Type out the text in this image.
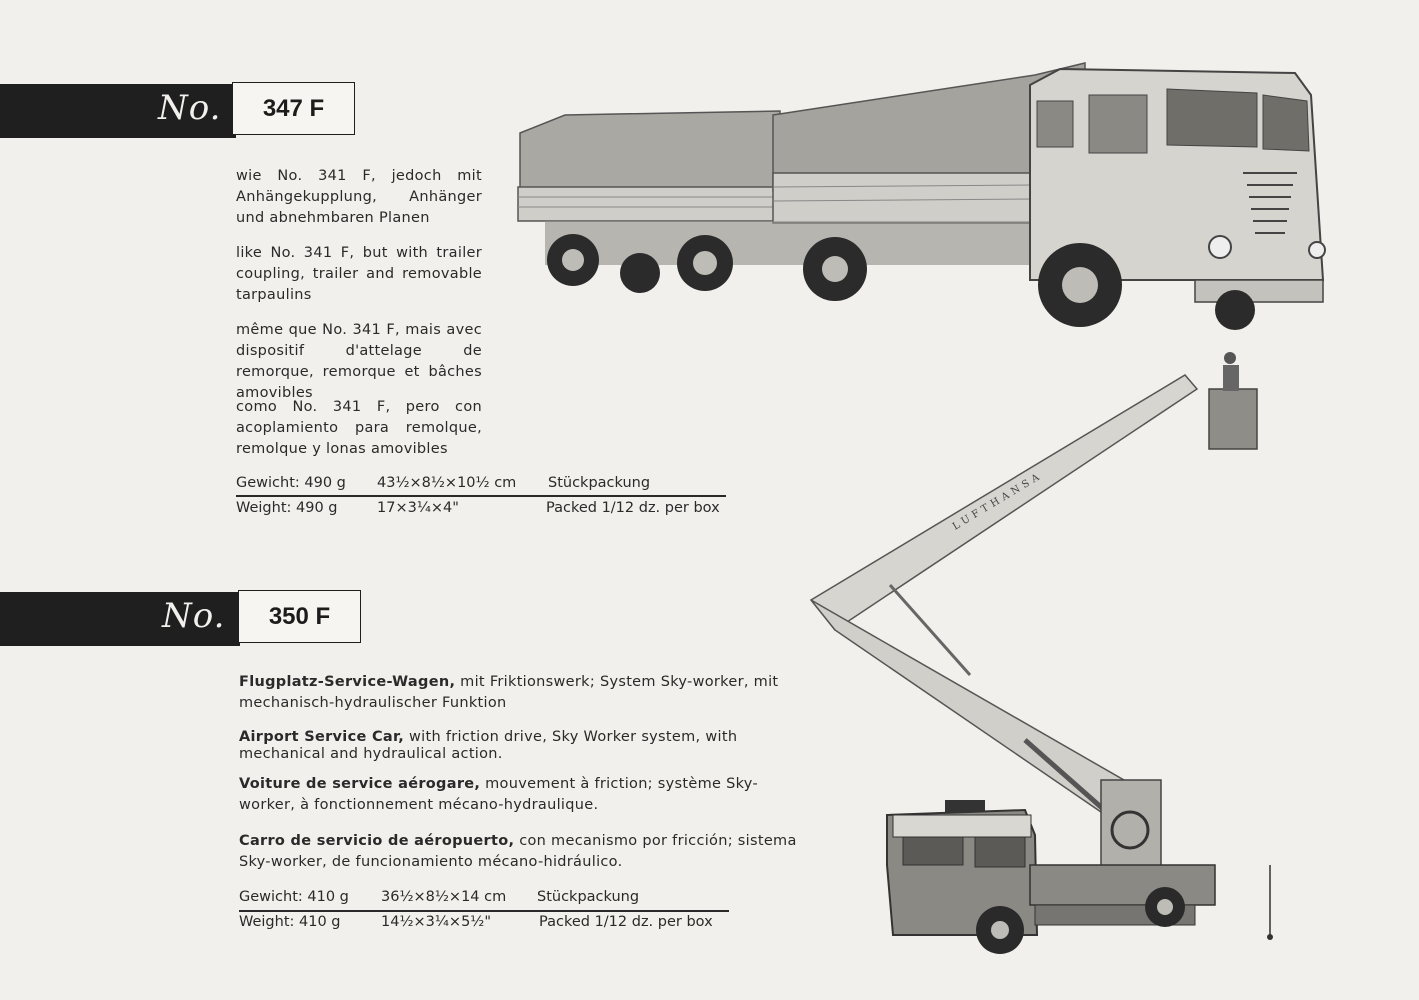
No.	347 F
wie No. 341 F, jedoch mit Anhängekupplung, Anhänger und abnehmbaren Planen
like No. 341 F, but with trailer coupling, trailer and removable tarpaulins
même que No. 341 F, mais avec dispositif d'attelage de remorque, remorque et bâches amovibles
como No. 341 F, pero con acoplamiento para remolque, remolque y lonas amovibles
Gewicht: 490 g 43½×8½×10½ cm Stückpackung
Weight: 490 g	17×3¼×4"	Packed 1/12 dz. per box
No.	350 F
Flugplatz-Service-Wagen, mit Friktionswerk; System Sky-worker, mit mechanisch-hydraulischer Funktion
Airport Service Car, with friction drive, Sky Worker system, with mechanical and hydraulical action.
Voiture de service aérogare, mouvement à friction; système Sky-worker, à fonctionnement mécano-hydraulique.
Carro de servicio de aéropuerto, con mecanismo por fricción; sistema Sky-worker, de funcionamiento mécano-hidráulico.
Gewicht: 410 g 36½×8½×14 cm Stückpackung
Weight: 410 g	14½×3¼×5½"	Packed 1/12 dz. per box
LUFTHANSA
